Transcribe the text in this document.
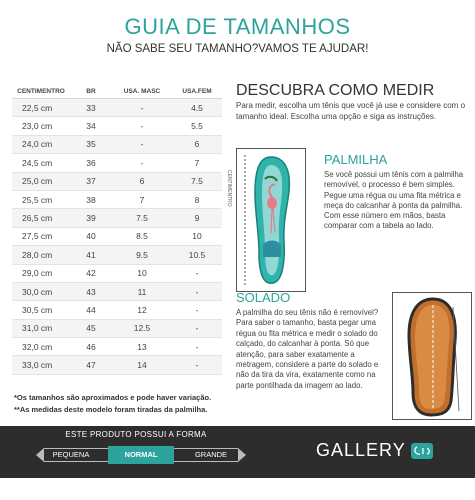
GUIA DE TAMANHOS
NÃO SABE SEU TAMANHO?VAMOS TE AJUDAR!
CENTIMENTRO	BR	USA. MASC	USA.FEM
22,5 cm	33	-	4.5
23,0 cm	34	-	5.5
24,0 cm	35	-	6
24,5 cm	36	-	7
25,0 cm	37	6	7.5
25,5 cm	38	7	8
26,5 cm	39	7.5	9
27,5 cm	40	8.5	10
28,0 cm	41	9.5	10.5
29,0 cm	42	10	-
30,0 cm	43	11	-
30,5 cm	44	12	-
31,0 cm	45	12.5	-
32,0 cm	46	13	-
33,0 cm	47	14	-
*Os tamanhos são aproximados e pode haver variação.
**As medidas deste modelo foram tiradas da palmilha.
DESCUBRA COMO MEDIR
Para medir, escolha um tênis que você já use e considere com o tamanho ideal. Escolha uma opção e siga as instruções.
CENTIMENTRO
PALMILHA
Se você possui um tênis com a palmilha removível, o processo é bem simples. Pegue uma régua ou uma fita métrica e meça do calcanhar à ponta da palmilha. Com esse número em mãos, basta comparar com a tabela ao lado.
SOLADO
A palmilha do seu tênis não é removível? Para saber o tamanho, basta pegar uma régua ou fita métrica e medir o solado do calçado, do calcanhar à ponta. Só que atenção, para saber exatamente a metragem, considere a parte do solado e não da tira da vira, exatamente como na parte pontilhada da imagem ao lado.
ESTE PRODUTO POSSUI A FORMA
PEQUENA	NORMAL	GRANDE	GALLERY
